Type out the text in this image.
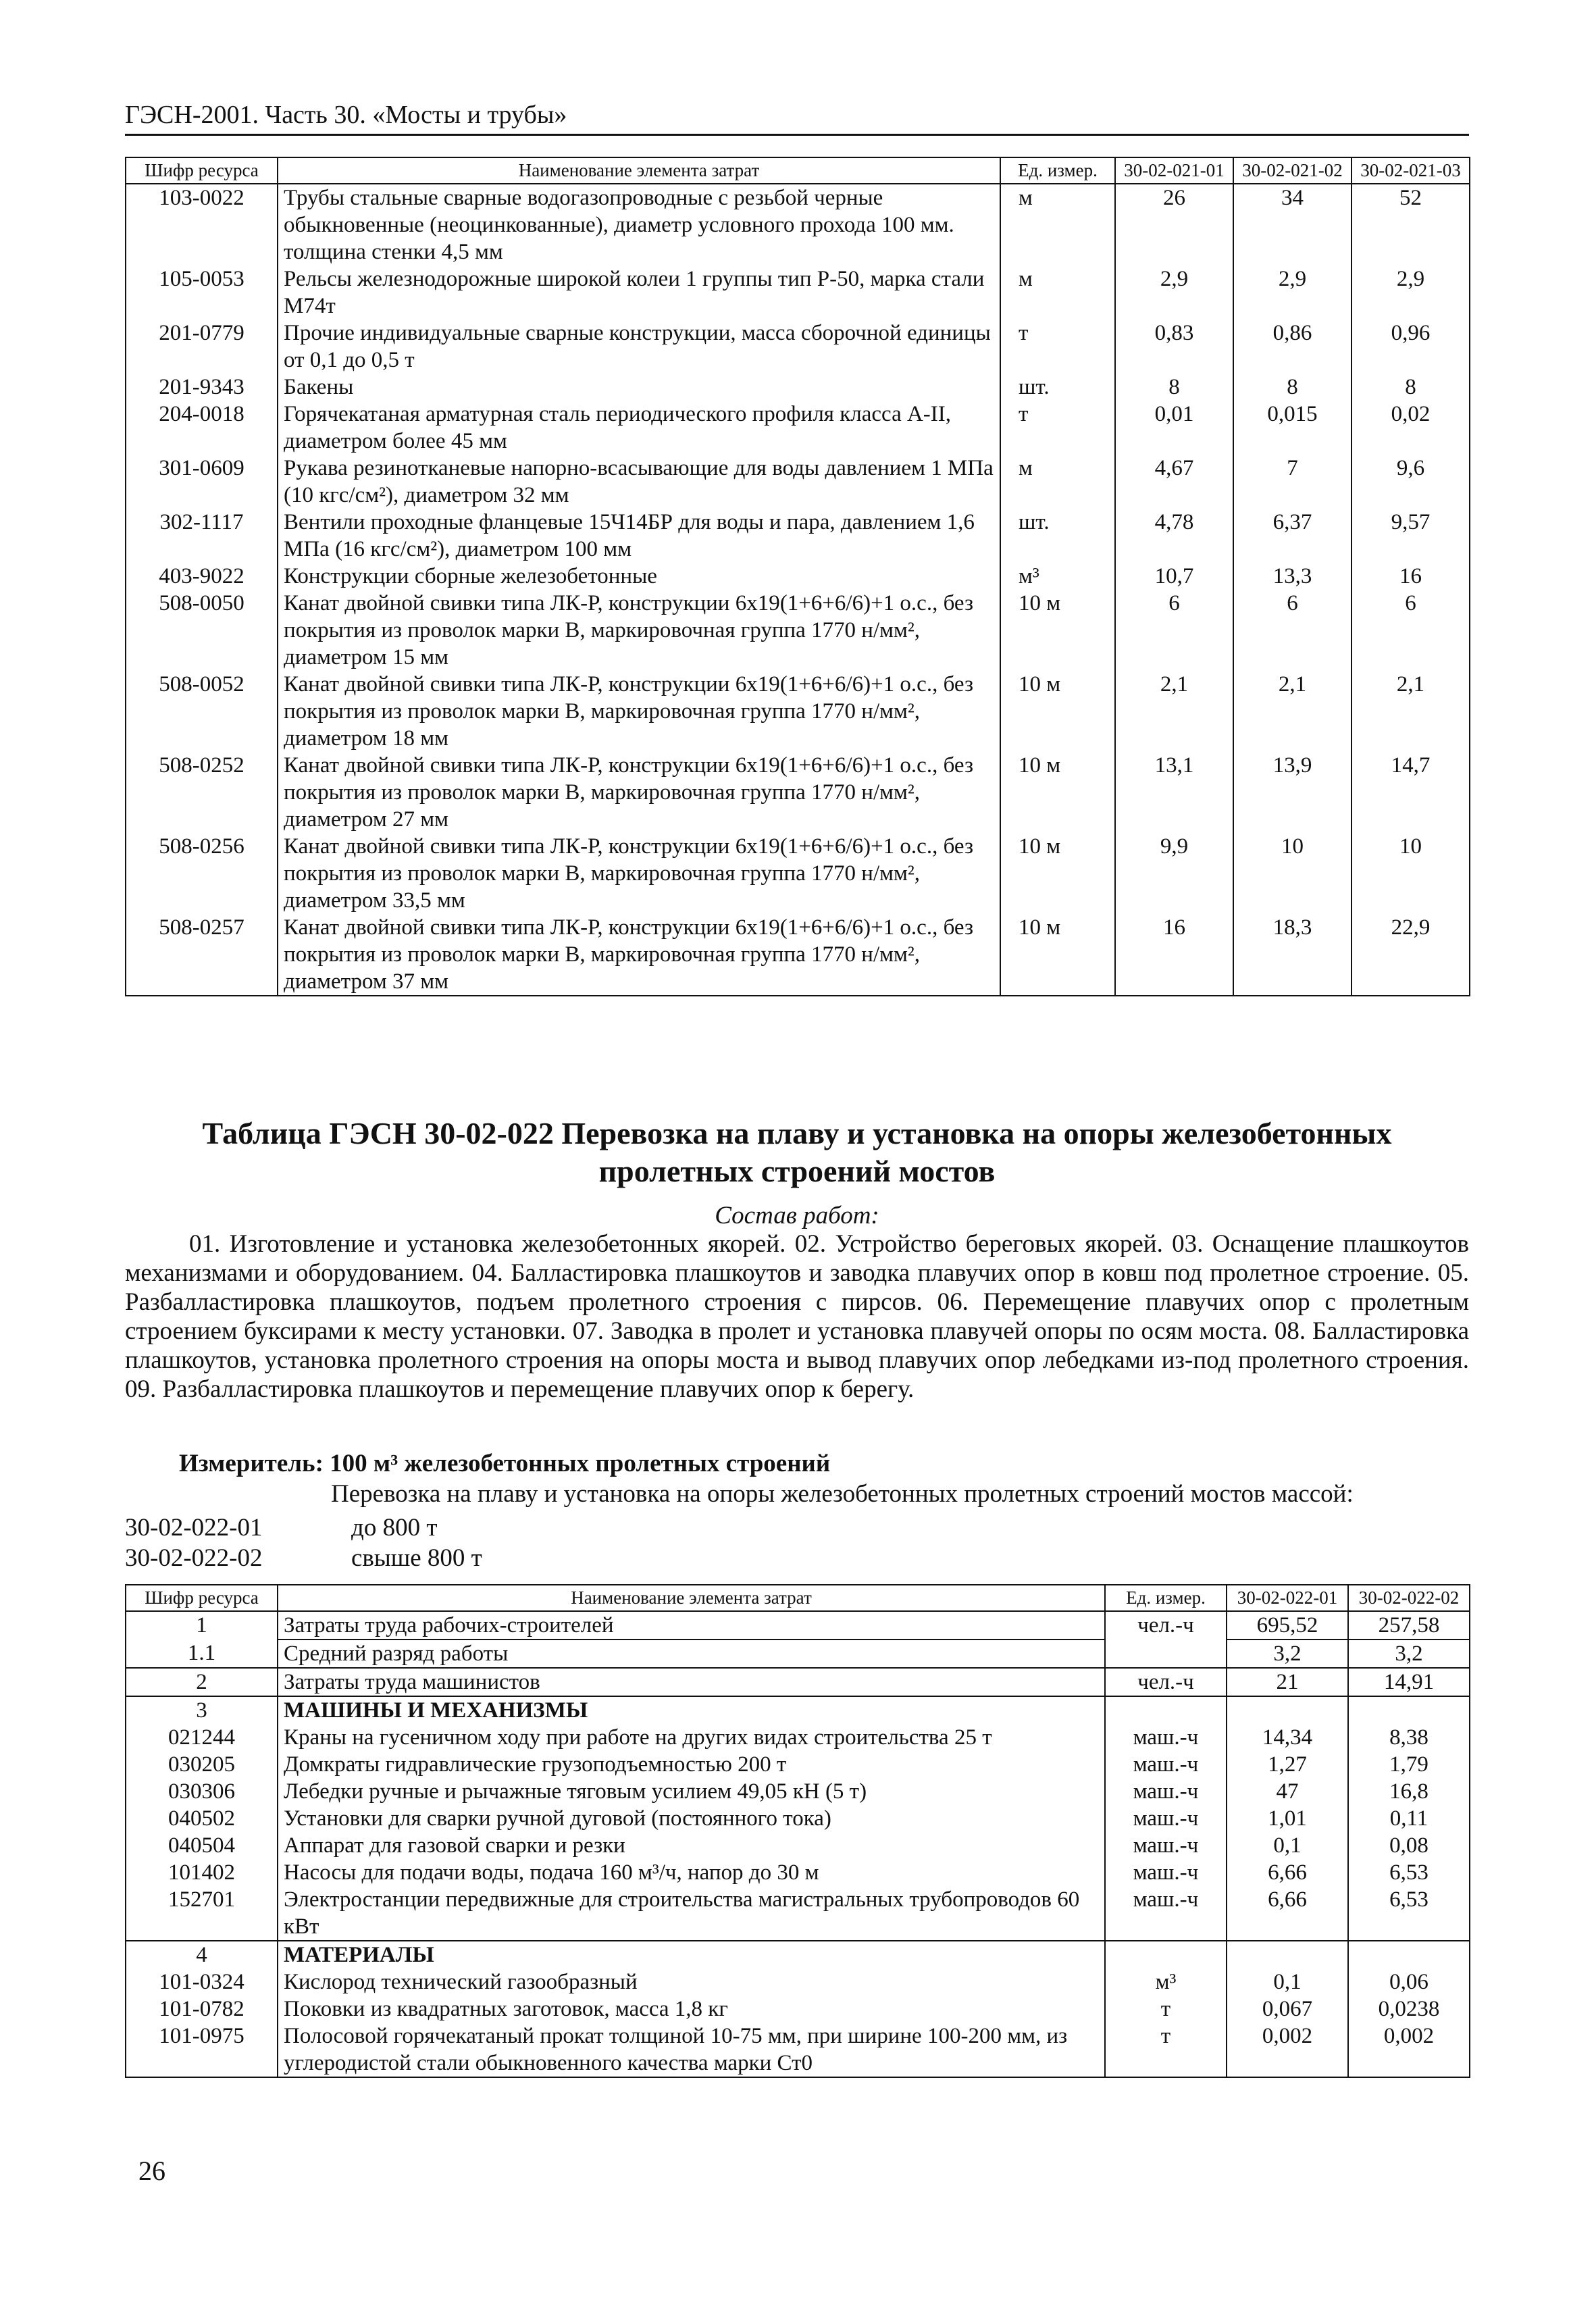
ГЭСН-2001. Часть 30. «Мосты и трубы»
Шифр ресурса	Наименование элемента затрат	Ед. измер.	30-02-021-01	30-02-021-02	30-02-021-03
103-0022	Трубы стальные сварные водогазопроводные с резьбой черные обыкновенные (неоцинкованные), диаметр условного прохода 100 мм. толщина стенки 4,5 мм	м	26	34	52
105-0053	Рельсы железнодорожные широкой колеи 1 группы тип Р-50, марка стали М74т	м	2,9	2,9	2,9
201-0779	Прочие индивидуальные сварные конструкции, масса сборочной единицы от 0,1 до 0,5 т	т	0,83	0,86	0,96
201-9343	Бакены	шт.	8	8	8
204-0018	Горячекатаная арматурная сталь периодического профиля класса А-II, диаметром более 45 мм	т	0,01	0,015	0,02
301-0609	Рукава резинотканевые напорно-всасывающие для воды давлением 1 МПа (10 кгс/см²), диаметром 32 мм	м	4,67	7	9,6
302-1117	Вентили проходные фланцевые 15Ч14БР для воды и пара, давлением 1,6 МПа (16 кгс/см²), диаметром 100 мм	шт.	4,78	6,37	9,57
403-9022	Конструкции сборные железобетонные	м³	10,7	13,3	16
508-0050	Канат двойной свивки типа ЛК-Р, конструкции 6х19(1+6+6/6)+1 о.с., без покрытия из проволок марки В, маркировочная группа 1770 н/мм², диаметром 15 мм	10 м	6	6	6
508-0052	Канат двойной свивки типа ЛК-Р, конструкции 6х19(1+6+6/6)+1 о.с., без покрытия из проволок марки В, маркировочная группа 1770 н/мм², диаметром 18 мм	10 м	2,1	2,1	2,1
508-0252	Канат двойной свивки типа ЛК-Р, конструкции 6х19(1+6+6/6)+1 о.с., без покрытия из проволок марки В, маркировочная группа 1770 н/мм², диаметром 27 мм	10 м	13,1	13,9	14,7
508-0256	Канат двойной свивки типа ЛК-Р, конструкции 6х19(1+6+6/6)+1 о.с., без покрытия из проволок марки В, маркировочная группа 1770 н/мм², диаметром 33,5 мм	10 м	9,9	10	10
508-0257	Канат двойной свивки типа ЛК-Р, конструкции 6х19(1+6+6/6)+1 о.с., без покрытия из проволок марки В, маркировочная группа 1770 н/мм², диаметром 37 мм	10 м	16	18,3	22,9
Таблица ГЭСН 30-02-022 Перевозка на плаву и установка на опоры железобетонных пролетных строений мостов
Состав работ:
01. Изготовление и установка железобетонных якорей. 02. Устройство береговых якорей. 03. Оснащение плашкоутов механизмами и оборудованием. 04. Балластировка плашкоутов и заводка плавучих опор в ковш под пролетное строение. 05. Разбалластировка плашкоутов, подъем пролетного строения с пирсов. 06. Перемещение плавучих опор с пролетным строением буксирами к месту установки. 07. Заводка в пролет и установка плавучей опоры по осям моста. 08. Балластировка плашкоутов, установка пролетного строения на опоры моста и вывод плавучих опор лебедками из-под пролетного строения. 09. Разбалластировка плашкоутов и перемещение плавучих опор к берегу.
Измеритель: 100 м³ железобетонных пролетных строений
Перевозка на плаву и установка на опоры железобетонных пролетных строений мостов массой:
30-02-022-01	до 800 т
30-02-022-02	свыше 800 т
Шифр ресурса	Наименование элемента затрат	Ед. измер.	30-02-022-01	30-02-022-02
1	Затраты труда рабочих-строителей	чел.-ч	695,52	257,58
1.1	Средний разряд работы		3,2	3,2
2	Затраты труда машинистов	чел.-ч	21	14,91
3	МАШИНЫ И МЕХАНИЗМЫ			
021244	Краны на гусеничном ходу при работе на других видах строительства 25 т	маш.-ч	14,34	8,38
030205	Домкраты гидравлические грузоподъемностью 200 т	маш.-ч	1,27	1,79
030306	Лебедки ручные и рычажные тяговым усилием 49,05 кН (5 т)	маш.-ч	47	16,8
040502	Установки для сварки ручной дуговой (постоянного тока)	маш.-ч	1,01	0,11
040504	Аппарат для газовой сварки и резки	маш.-ч	0,1	0,08
101402	Насосы для подачи воды, подача 160 м³/ч, напор до 30 м	маш.-ч	6,66	6,53
152701	Электростанции передвижные для строительства магистральных трубопроводов 60 кВт	маш.-ч	6,66	6,53
4	МАТЕРИАЛЫ			
101-0324	Кислород технический газообразный	м³	0,1	0,06
101-0782	Поковки из квадратных заготовок, масса 1,8 кг	т	0,067	0,0238
101-0975	Полосовой горячекатаный прокат толщиной 10-75 мм, при ширине 100-200 мм, из углеродистой стали обыкновенного качества марки Ст0	т	0,002	0,002
26
